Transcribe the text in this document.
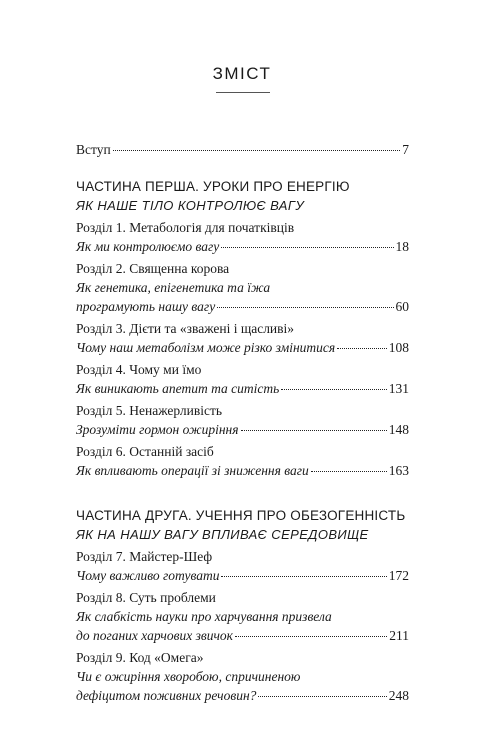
ЗМІСТ
Вступ	7
ЧАСТИНА ПЕРША. УРОКИ ПРО ЕНЕРГІЮ
ЯК НАШЕ ТІЛО КОНТРОЛЮЄ ВАГУ
Розділ 1. Метабологія для початківців
Як ми контролюємо вагу	18
Розділ 2. Священна корова
Як генетика, епігенетика та їжа
програмують нашу вагу	60
Розділ 3. Дієти та «зважені і щасливі»
Чому наш метаболізм може різко змінитися	108
Розділ 4. Чому ми їмо
Як виникають апетит та ситість	131
Розділ 5. Ненажерливість
Зрозуміти гормон ожиріння	148
Розділ 6. Останній засіб
Як впливають операції зі зниження ваги	163
ЧАСТИНА ДРУГА. УЧЕННЯ ПРО ОБЕЗОГЕННІСТЬ
ЯК НА НАШУ ВАГУ ВПЛИВАЄ СЕРЕДОВИЩЕ
Розділ 7. Майстер-Шеф
Чому важливо готувати	172
Розділ 8. Суть проблеми
Як слабкість науки про харчування призвела
до поганих харчових звичок	211
Розділ 9. Код «Омега»
Чи є ожиріння хворобою, спричиненою
дефіцитом поживних речовин?	248
